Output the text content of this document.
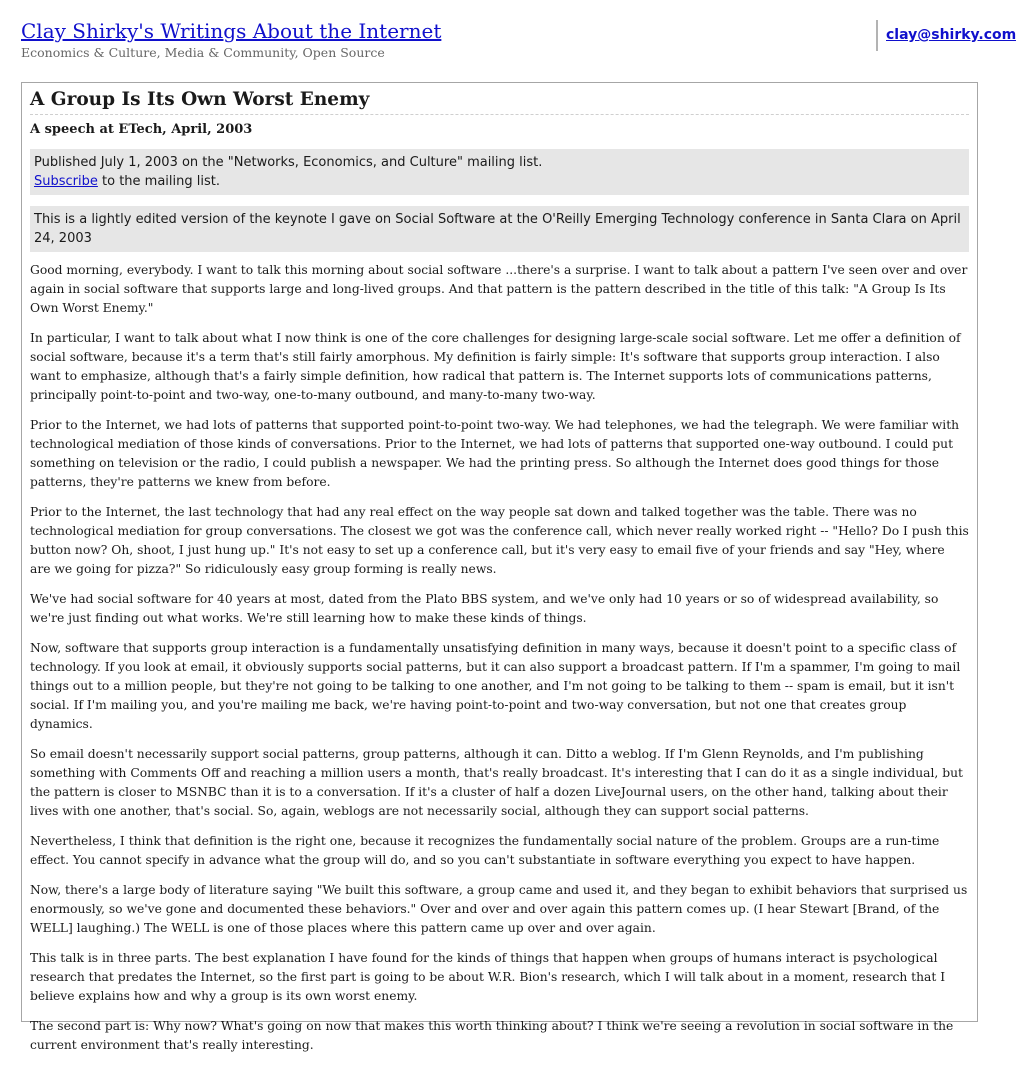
Clay Shirky's Writings About the Internet
Economics & Culture, Media & Community, Open Source
clay@shirky.com
A Group Is Its Own Worst Enemy
A speech at ETech, April, 2003
Published July 1, 2003 on the "Networks, Economics, and Culture" mailing list.
Subscribe to the mailing list.
This is a lightly edited version of the keynote I gave on Social Software at the O'Reilly Emerging Technology conference in Santa Clara on April 24, 2003

Good morning, everybody. I want to talk this morning about social software ...there's a surprise. I want to talk about a pattern I've seen over and over again in social software that supports large and long-lived groups. And that pattern is the pattern described in the title of this talk: "A Group Is Its Own Worst Enemy."

In particular, I want to talk about what I now think is one of the core challenges for designing large-scale social software. Let me offer a definition of social software, because it's a term that's still fairly amorphous. My definition is fairly simple: It's software that supports group interaction. I also want to emphasize, although that's a fairly simple definition, how radical that pattern is. The Internet supports lots of communications patterns, principally point-to-point and two-way, one-to-many outbound, and many-to-many two-way.

Prior to the Internet, we had lots of patterns that supported point-to-point two-way. We had telephones, we had the telegraph. We were familiar with technological mediation of those kinds of conversations. Prior to the Internet, we had lots of patterns that supported one-way outbound. I could put something on television or the radio, I could publish a newspaper. We had the printing press. So although the Internet does good things for those patterns, they're patterns we knew from before.

Prior to the Internet, the last technology that had any real effect on the way people sat down and talked together was the table. There was no technological mediation for group conversations. The closest we got was the conference call, which never really worked right -- "Hello? Do I push this button now? Oh, shoot, I just hung up." It's not easy to set up a conference call, but it's very easy to email five of your friends and say "Hey, where are we going for pizza?" So ridiculously easy group forming is really news.

We've had social software for 40 years at most, dated from the Plato BBS system, and we've only had 10 years or so of widespread availability, so we're just finding out what works. We're still learning how to make these kinds of things.

Now, software that supports group interaction is a fundamentally unsatisfying definition in many ways, because it doesn't point to a specific class of technology. If you look at email, it obviously supports social patterns, but it can also support a broadcast pattern. If I'm a spammer, I'm going to mail things out to a million people, but they're not going to be talking to one another, and I'm not going to be talking to them -- spam is email, but it isn't social. If I'm mailing you, and you're mailing me back, we're having point-to-point and two-way conversation, but not one that creates group dynamics.

So email doesn't necessarily support social patterns, group patterns, although it can. Ditto a weblog. If I'm Glenn Reynolds, and I'm publishing something with Comments Off and reaching a million users a month, that's really broadcast. It's interesting that I can do it as a single individual, but the pattern is closer to MSNBC than it is to a conversation. If it's a cluster of half a dozen LiveJournal users, on the other hand, talking about their lives with one another, that's social. So, again, weblogs are not necessarily social, although they can support social patterns.

Nevertheless, I think that definition is the right one, because it recognizes the fundamentally social nature of the problem. Groups are a run-time effect. You cannot specify in advance what the group will do, and so you can't substantiate in software everything you expect to have happen.

Now, there's a large body of literature saying "We built this software, a group came and used it, and they began to exhibit behaviors that surprised us enormously, so we've gone and documented these behaviors." Over and over and over again this pattern comes up. (I hear Stewart [Brand, of the WELL] laughing.) The WELL is one of those places where this pattern came up over and over again.

This talk is in three parts. The best explanation I have found for the kinds of things that happen when groups of humans interact is psychological research that predates the Internet, so the first part is going to be about W.R. Bion's research, which I will talk about in a moment, research that I believe explains how and why a group is its own worst enemy.

The second part is: Why now? What's going on now that makes this worth thinking about? I think we're seeing a revolution in social software in the current environment that's really interesting.
